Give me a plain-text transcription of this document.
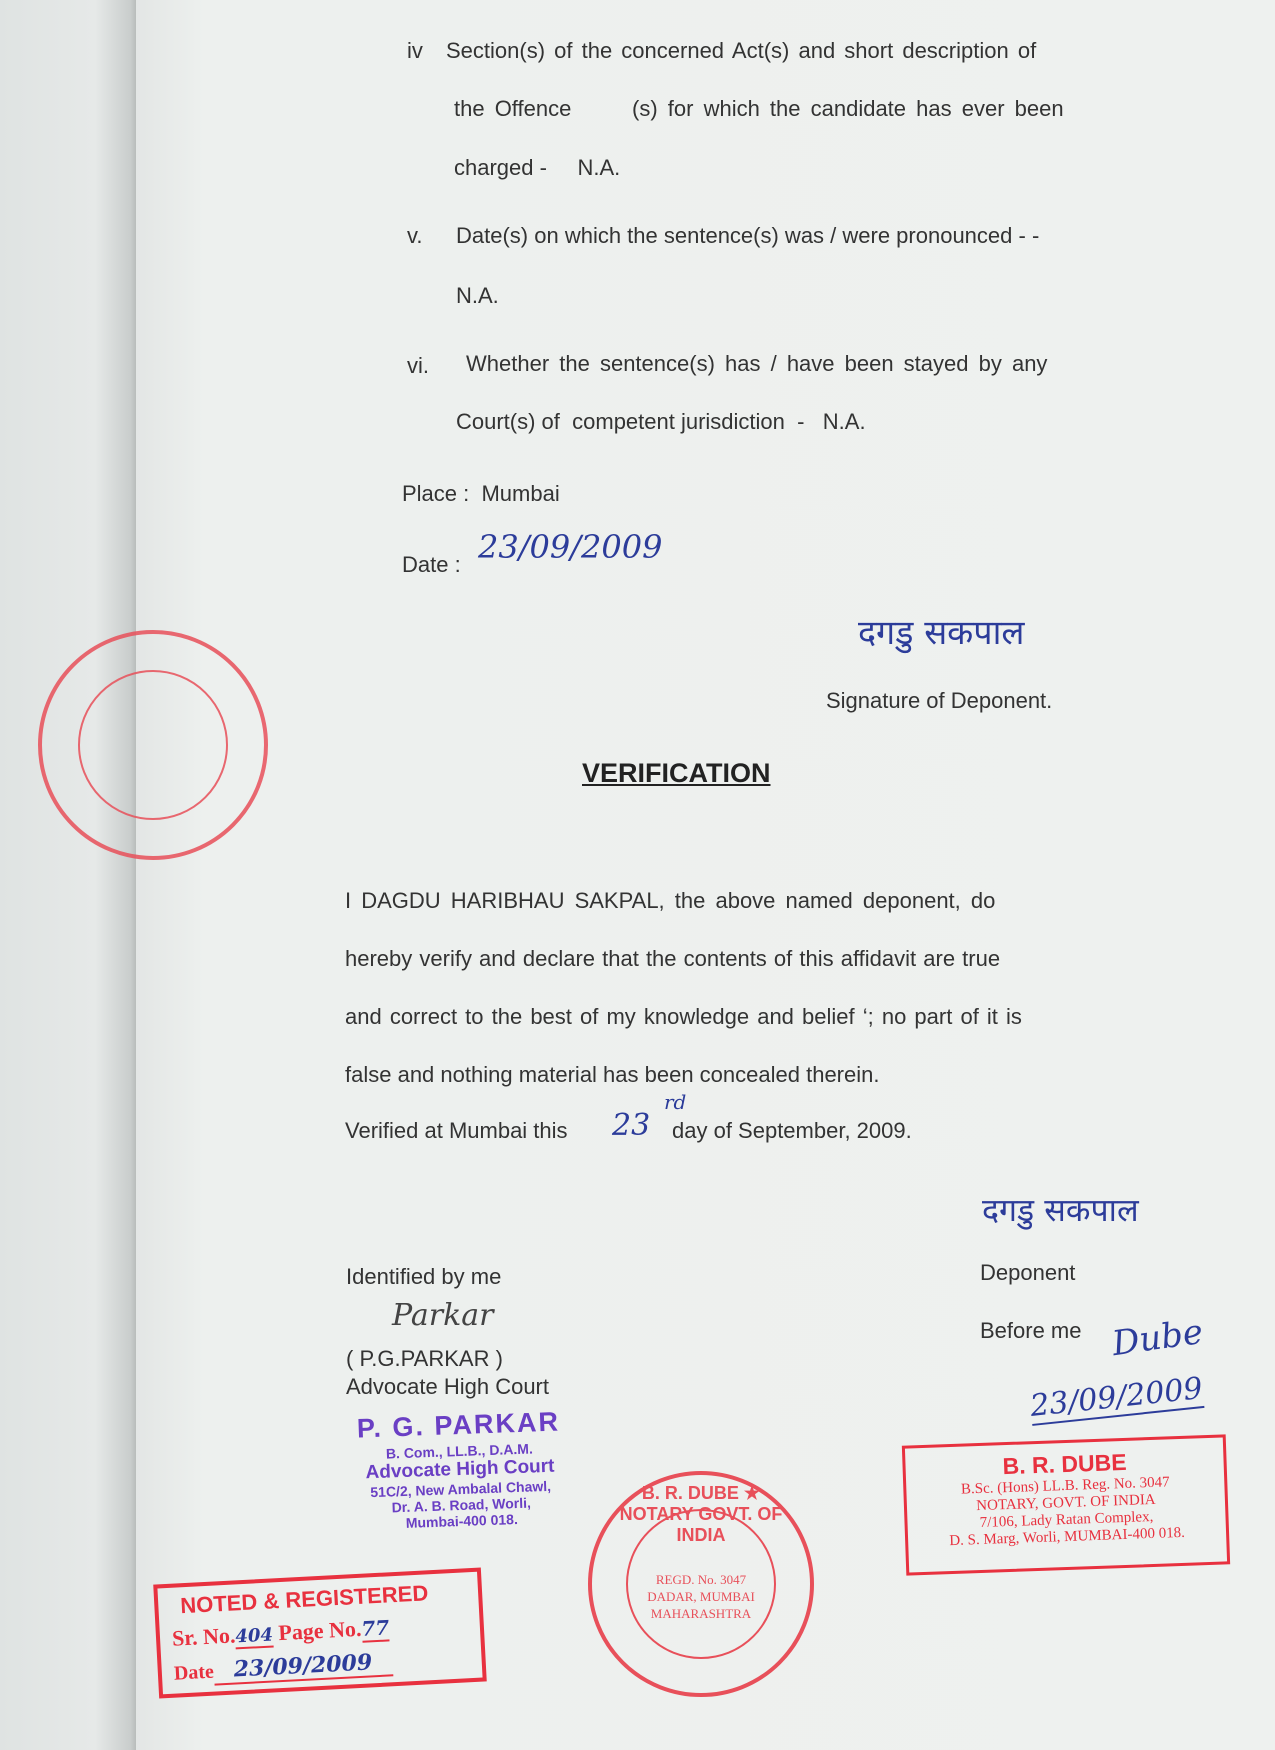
iv Section(s) of the concerned Act(s) and short description of
the Offence      (s) for which the candidate has ever been
charged -     N.A.
v. Date(s) on which the sentence(s) was / were pronounced - -
N.A.
vi. Whether the sentence(s) has / have been stayed by any
Court(s) of  competent jurisdiction  -   N.A.
Place :  Mumbai
Date : 23/09/2009
दगडु सकपाल
Signature of Deponent.
VERIFICATION
I DAGDU HARIBHAU SAKPAL, the above named deponent, do
hereby verify and declare that the contents of this affidavit are true
and correct to the best of my knowledge and belief ‘; no part of it is
false and nothing material has been concealed therein.
Verified at Mumbai this 23
rd
day of September, 2009.
दगडु सकपाल
Deponent
Before me Dube
23/09/2009
Identified by me
Parkar
( P.G.PARKAR )
Advocate High Court
P. G. PARKAR
B. Com., LL.B., D.A.M.
Advocate High Court
51C/2, New Ambalal Chawl,
Dr. A. B. Road, Worli,
Mumbai-400 018.
B. R. DUBE
B.Sc. (Hons) LL.B. Reg. No. 3047
NOTARY, GOVT. OF INDIA
7/106, Lady Ratan Complex,
D. S. Marg, Worli, MUMBAI-400 018.
NOTED & REGISTERED
Sr. No.404 Page No.77
Date 23/09/2009
B. R. DUBE ★ NOTARY GOVT. OF INDIA
REGD. No. 3047
DADAR, MUMBAI
MAHARASHTRA
